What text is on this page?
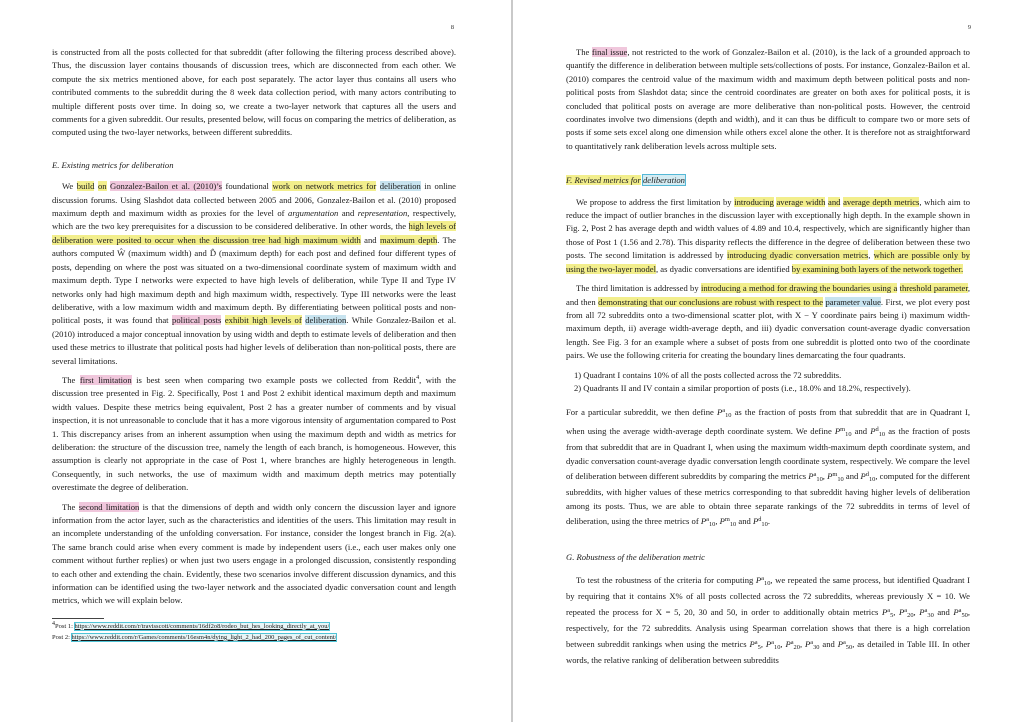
8

is constructed from all the posts collected for that subreddit (after following the filtering process described above). Thus, the discussion layer contains thousands of discussion trees, which are disconnected from each other. We compute the six metrics mentioned above, for each post separately. The actor layer thus contains all users who contributed comments to the subreddit during the 8 week data collection period, with many actors contributing to multiple different posts over time. In doing so, we create a two-layer network that captures all the users and comments for a given subreddit. Our results, presented below, will focus on comparing the metrics of deliberation, as computed using the two-layer networks, between different subreddits.

E. Existing metrics for deliberation

We build on Gonzalez-Bailon et al. (2010)’s foundational work on network metrics for deliberation in online discussion forums. Using Slashdot data collected between 2005 and 2006, Gonzalez-Bailon et al. (2010) proposed maximum depth and maximum width as proxies for the level of argumentation and representation, respectively, which are the two key prerequisites for a discussion to be considered deliberative. In other words, the high levels of deliberation were posited to occur when the discussion tree had high maximum width and maximum depth. The authors computed Ŵ (maximum width) and D̂ (maximum depth) for each post and defined four different types of posts, depending on where the post was situated on a two-dimensional coordinate system of maximum width and maximum depth. Type I networks were expected to have high levels of deliberation, while Type II and Type IV networks only had high maximum depth and high maximum width, respectively. Type III networks were the least deliberative, with a low maximum width and maximum depth. By differentiating between political posts and non-political posts, it was found that political posts exhibit high levels of deliberation. While Gonzalez-Bailon et al. (2010) introduced a major conceptual innovation by using width and depth to estimate levels of deliberation and then used these metrics to illustrate that political posts had higher levels of deliberation than non-political posts, there are several limitations.

The first limitation is best seen when comparing two example posts we collected from Reddit$^4$, with the discussion tree presented in Fig. 2. Specifically, Post 1 and Post 2 exhibit identical maximum depth and maximum width values. Despite these metrics being equivalent, Post 2 has a greater number of comments and by visual inspection, it is not unreasonable to conclude that it has a more vigorous intensity of argumentation compared to Post 1. This discrepancy arises from an inherent assumption when using the maximum depth and width as metrics for deliberation: the structure of the discussion tree, namely the length of each branch, is homogeneous. However, this assumption is clearly not appropriate in the case of Post 1, where branches are highly heterogeneous in length. Consequently, in such networks, the use of maximum width and maximum depth metrics may potentially overestimate the degree of deliberation.

The second limitation is that the dimensions of depth and width only concern the discussion layer and ignore information from the actor layer, such as the characteristics and identities of the users. This limitation may result in an incomplete understanding of the unfolding conversation. For instance, consider the longest branch in Fig. 2(a). The same branch could arise when every comment is made by independent users (i.e., each user makes only one comment without further replies) or when just two users engage in a prolonged discussion, consistently responding to each other and extending the chain. Evidently, these two scenarios involve different discussion dynamics, and this information can be identified using the two-layer network and the associated dyadic conversation count and length metrics, which we will explain below.

$^4$Post 1: https://www.reddit.com/r/travisscott/comments/16df2o8/rodeo_but_hes_looking_directly_at_you/
Post 2: https://www.reddit.com/r/Games/comments/16esm4n/dying_light_2_had_200_pages_of_cut_content/
9

The final issue, not restricted to the work of Gonzalez-Bailon et al. (2010), is the lack of a grounded approach to quantify the difference in deliberation between multiple sets/collections of posts. For instance, Gonzalez-Bailon et al. (2010) compares the centroid value of the maximum width and maximum depth between political posts and non-political posts from Slashdot data; since the centroid coordinates are greater on both axes for political posts, it is concluded that political posts on average are more deliberative than non-political posts. However, the centroid coordinates involve two dimensions (depth and width), and it can thus be difficult to compare two or more sets of posts if some sets excel along one dimension while others excel alone the other. It is therefore not as straightforward to quantitatively rank deliberation levels across multiple sets.

F. Revised metrics for deliberation

We propose to address the first limitation by introducing average width and average depth metrics, which aim to reduce the impact of outlier branches in the discussion layer with exceptionally high depth. In the example shown in Fig. 2, Post 2 has average depth and width values of 4.89 and 10.4, respectively, which are significantly higher than those of Post 1 (1.56 and 2.78). This disparity reflects the difference in the degree of deliberation between these two posts. The second limitation is addressed by introducing dyadic conversation metrics, which are possible only by using the two-layer model, as dyadic conversations are identified by examining both layers of the network together.

The third limitation is addressed by introducing a method for drawing the boundaries using a threshold parameter, and then demonstrating that our conclusions are robust with respect to the parameter value. First, we plot every post from all 72 subreddits onto a two-dimensional scatter plot, with X − Y coordinate pairs being i) maximum width-maximum depth, ii) average width-average depth, and iii) dyadic conversation count-average dyadic conversation length. See Fig. 3 for an example where a subset of posts from one subreddit is plotted onto two of the coordinate pairs. We use the following criteria for creating the boundary lines demarcating the four quadrants.

1) Quadrant I contains 10% of all the posts collected across the 72 subreddits.
2) Quadrants II and IV contain a similar proportion of posts (i.e., 18.0% and 18.2%, respectively).

For a particular subreddit, we then define $P^a_{10}$ as the fraction of posts from that subreddit that are in Quadrant I, when using the average width-average depth coordinate system. We define $P^m_{10}$ and $P^d_{10}$ as the fraction of posts from that subreddit that are in Quadrant I, when using the maximum width-maximum depth coordinate system, and dyadic conversation count-average dyadic conversation length coordinate system, respectively. We compare the level of deliberation between different subreddits by comparing the metrics $P^a_{10}$, $P^m_{10}$ and $P^d_{10}$, computed for the different subreddits, with higher values of these metrics corresponding to that subreddit having higher levels of deliberation among its posts. Thus, we are able to obtain three separate rankings of the 72 subreddits in terms of level of deliberation, using the three metrics of $P^a_{10}$, $P^m_{10}$ and $P^d_{10}$.

G. Robustness of the deliberation metric

To test the robustness of the criteria for computing $P^a_{10}$, we repeated the same process, but identified Quadrant I by requiring that it contains X% of all posts collected across the 72 subreddits, whereas previously X = 10. We repeated the process for X = 5, 20, 30 and 50, in order to additionally obtain metrics $P^a_5$, $P^a_{20}$, $P^a_{30}$ and $P^a_{50}$, respectively, for the 72 subreddits. Analysis using Spearman correlation shows that there is a high correlation between subreddit rankings when using the metrics $P^a_5$, $P^a_{10}$, $P^a_{20}$, $P^a_{30}$ and $P^a_{50}$, as detailed in Table III. In other words, the relative ranking of deliberation between subreddits
